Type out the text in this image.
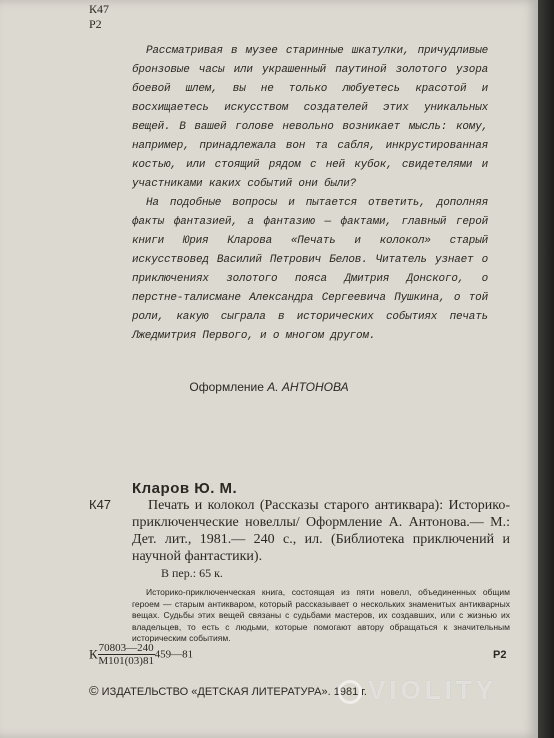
К47
Р2

Рассматривая в музее старинные шкатулки, причудливые бронзовые часы или украшенный паутиной золотого узора боевой шлем, вы не только любуетесь красотой и восхищаетесь искусством создателей этих уникальных вещей. В вашей голове невольно возникает мысль: кому, например, принадлежала вон та сабля, инкрустированная костью, или стоящий рядом с ней кубок, свидетелями и участниками каких событий они были?

На подобные вопросы и пытается ответить, дополняя факты фантазией, а фантазию — фактами, главный герой книги Юрия Кларова «Печать и колокол» старый искусствовед Василий Петрович Белов. Читатель узнает о приключениях золотого пояса Дмитрия Донского, о перстне-талисмане Александра Сергеевича Пушкина, о той роли, какую сыграла в исторических событиях печать Лжедмитрия Первого, и о многом другом.

Оформление А. АНТОНОВА
Кларов Ю. М.
К47	Печать и колокол (Рассказы старого антиквара): Историко-приключенческие новеллы/ Оформление А. Антонова.— М.: Дет. лит., 1981.— 240 с., ил. (Библиотека приключений и научной фантастики).
В пер.: 65 к.
Историко-приключенческая книга, состоящая из пяти новелл, объединенных общим героем — старым антикваром, который рассказывает о нескольких знаменитых антикварных вещах. Судьбы этих вещей связаны с судьбами мастеров, их создавших, или с жизнью их владельцев, то есть с людьми, которые помогают автору обращаться к значительным историческим событиям.
К $\frac{70803—240}{М101(03)81}$ 459—81	Р2
© ИЗДАТЕЛЬСТВО «ДЕТСКАЯ ЛИТЕРАТУРА». 1981 г. VIOLITY
